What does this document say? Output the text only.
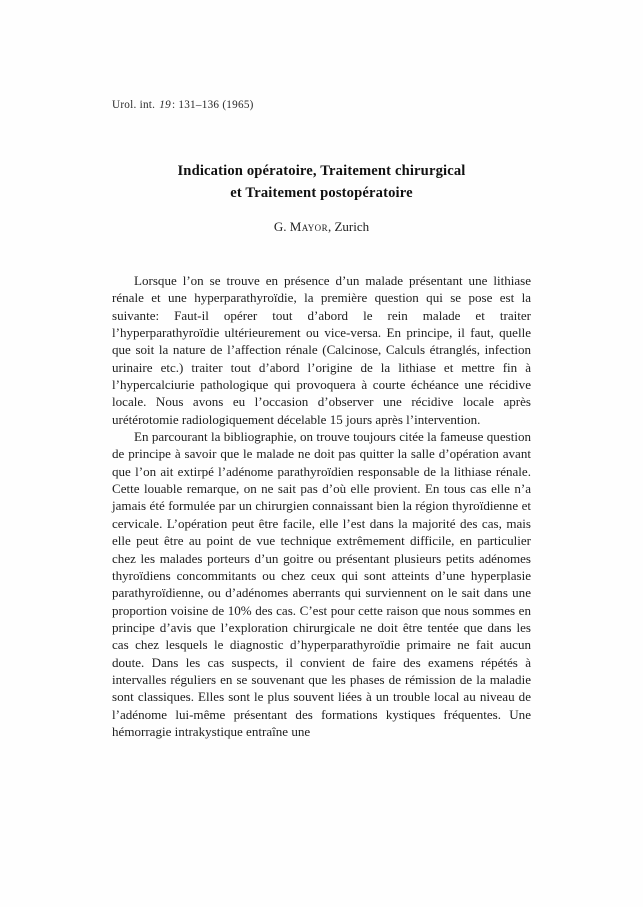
Urol. int. 19: 131–136 (1965)
Indication opératoire, Traitement chirurgical
et Traitement postopératoire
G. Mayor, Zurich

Lorsque l’on se trouve en présence d’un malade présentant une lithiase rénale et une hyperparathyroïdie, la première question qui se pose est la suivante: Faut-il opérer tout d’abord le rein malade et traiter l’hyperparathyroïdie ultérieurement ou vice-versa. En principe, il faut, quelle que soit la nature de l’affection rénale (Calcinose, Calculs étranglés, infection urinaire etc.) traiter tout d’abord l’origine de la lithiase et mettre fin à l’hypercalciurie pathologique qui provoquera à courte échéance une récidive locale. Nous avons eu l’occasion d’observer une récidive locale après urétérotomie radiologiquement décelable 15 jours après l’intervention.

En parcourant la bibliographie, on trouve toujours citée la fameuse question de principe à savoir que le malade ne doit pas quitter la salle d’opération avant que l’on ait extirpé l’adénome parathyroïdien responsable de la lithiase rénale. Cette louable remarque, on ne sait pas d’où elle provient. En tous cas elle n’a jamais été formulée par un chirurgien connaissant bien la région thyroïdienne et cervicale. L’opération peut être facile, elle l’est dans la majorité des cas, mais elle peut être au point de vue technique extrêmement difficile, en particulier chez les malades porteurs d’un goitre ou présentant plusieurs petits adénomes thyroïdiens concommitants ou chez ceux qui sont atteints d’une hyperplasie parathyroïdienne, ou d’adénomes aberrants qui surviennent on le sait dans une proportion voisine de 10% des cas. C’est pour cette raison que nous sommes en principe d’avis que l’exploration chirurgicale ne doit être tentée que dans les cas chez lesquels le diagnostic d’hyperparathyroïdie primaire ne fait aucun doute. Dans les cas suspects, il convient de faire des examens répétés à intervalles réguliers en se souvenant que les phases de rémission de la maladie sont classiques. Elles sont le plus souvent liées à un trouble local au niveau de l’adénome lui-même présentant des formations kystiques fréquentes. Une hémorragie intrakystique entraîne une
